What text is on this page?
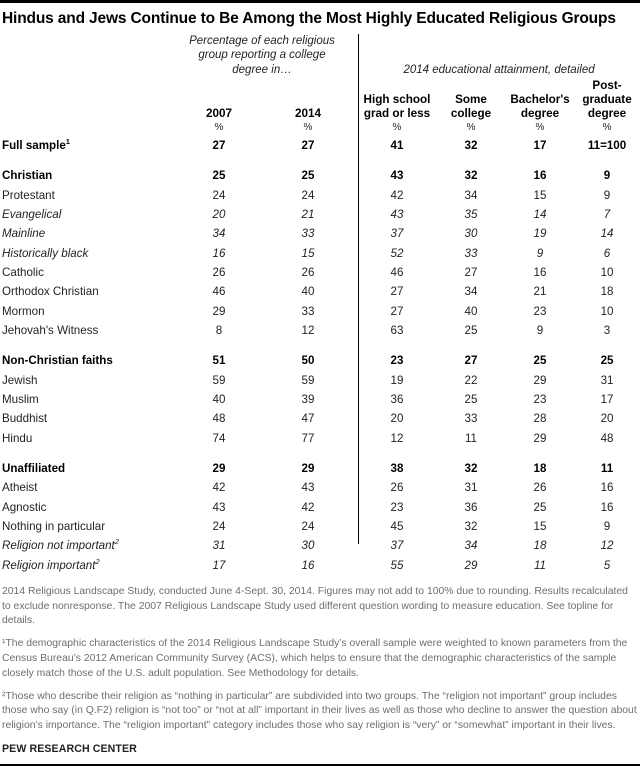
Hindus and Jews Continue to Be Among the Most Highly Educated Religious Groups
	Percentage of each religious group reporting a college degree in…		2014 educational attainment, detailed			
	2007	2014	High school grad or less	Some college	Bachelor's degree	Post-graduate degree
	%	%	%	%	%	%
Full sample$^1$	27	27	41	32	17	11=100

Christian	25	25	43	32	16	9
Protestant	24	24	42	34	15	9
Evangelical	20	21	43	35	14	7
Mainline	34	33	37	30	19	14
Historically black	16	15	52	33	9	6
Catholic	26	26	46	27	16	10
Orthodox Christian	46	40	27	34	21	18
Mormon	29	33	27	40	23	10
Jehovah's Witness	8	12	63	25	9	3

Non-Christian faiths	51	50	23	27	25	25
Jewish	59	59	19	22	29	31
Muslim	40	39	36	25	23	17
Buddhist	48	47	20	33	28	20
Hindu	74	77	12	11	29	48

Unaffiliated	29	29	38	32	18	11
Atheist	42	43	26	31	26	16
Agnostic	43	42	23	36	25	16
Nothing in particular	24	24	45	32	15	9
Religion not important$^2$	31	30	37	34	18	12
Religion important$^2$	17	16	55	29	11	5

2014 Religious Landscape Study, conducted June 4-Sept. 30, 2014. Figures may not add to 100% due to rounding. Results recalculated to exclude nonresponse. The 2007 Religious Landscape Study used different question wording to measure education. See topline for details.

¹The demographic characteristics of the 2014 Religious Landscape Study’s overall sample were weighted to known parameters from the Census Bureau’s 2012 American Community Survey (ACS), which helps to ensure that the demographic characteristics of the sample closely match those of the U.S. adult population. See Methodology for details.

²Those who describe their religion as “nothing in particular” are subdivided into two groups. The “religion not important” group includes those who say (in Q.F2) religion is “not too” or “not at all” important in their lives as well as those who decline to answer the question about religion’s importance. The “religion important” category includes those who say religion is “very” or “somewhat” important in their lives.

PEW RESEARCH CENTER
